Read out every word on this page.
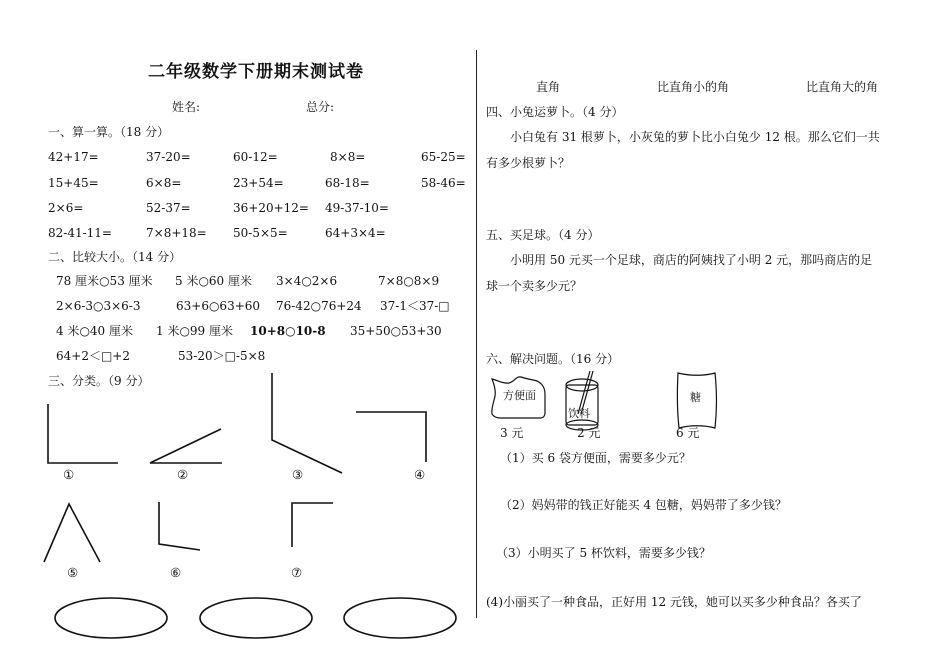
二年级数学下册期末测试卷
姓名:	总分:
一、算一算。（18 分）
42+17=	37-20=	60-12=	8×8=	65-25=
15+45=	6×8=	23+54=	68-18=	58-46=
2×6=	52-37=	36+20+12= 49-37-10=
82-41-11=	7×8+18= 50-5×5=	64+3×4=
二、比较大小。（14 分）
78 厘米○53 厘米 5 米○60 厘米 3×4○2×6	7×8○8×9
2×6-3○3×6-3	63+6○63+60 76-42○76+24 37-1＜37-□
4 米○40 厘米 1 米○99 厘米 10+8○10-8 35+50○53+30
64+2＜□+2	53-20＞□-5×8
三、分类。（9 分）
①	②	③	④
⑤	⑥	⑦
直角	比直角小的角	比直角大的角
四、小兔运萝卜。（4 分）
小白兔有 31 根萝卜，小灰兔的萝卜比小白兔少 12 根。那么它们一共
有多少根萝卜？
五、买足球。（4 分）
小明用 50 元买一个足球，商店的阿姨找了小明 2 元，那吗商店的足
球一个卖多少元？
六、解决问题。（16 分）
方便面
饮料
糖
3 元	2 元	6 元
（1）买 6 袋方便面，需要多少元？
（2）妈妈带的钱正好能买 4 包糖，妈妈带了多少钱？
（3）小明买了 5 杯饮料，需要多少钱？
(4)小丽买了一种食品，正好用 12 元钱，她可以买多少种食品？各买了
